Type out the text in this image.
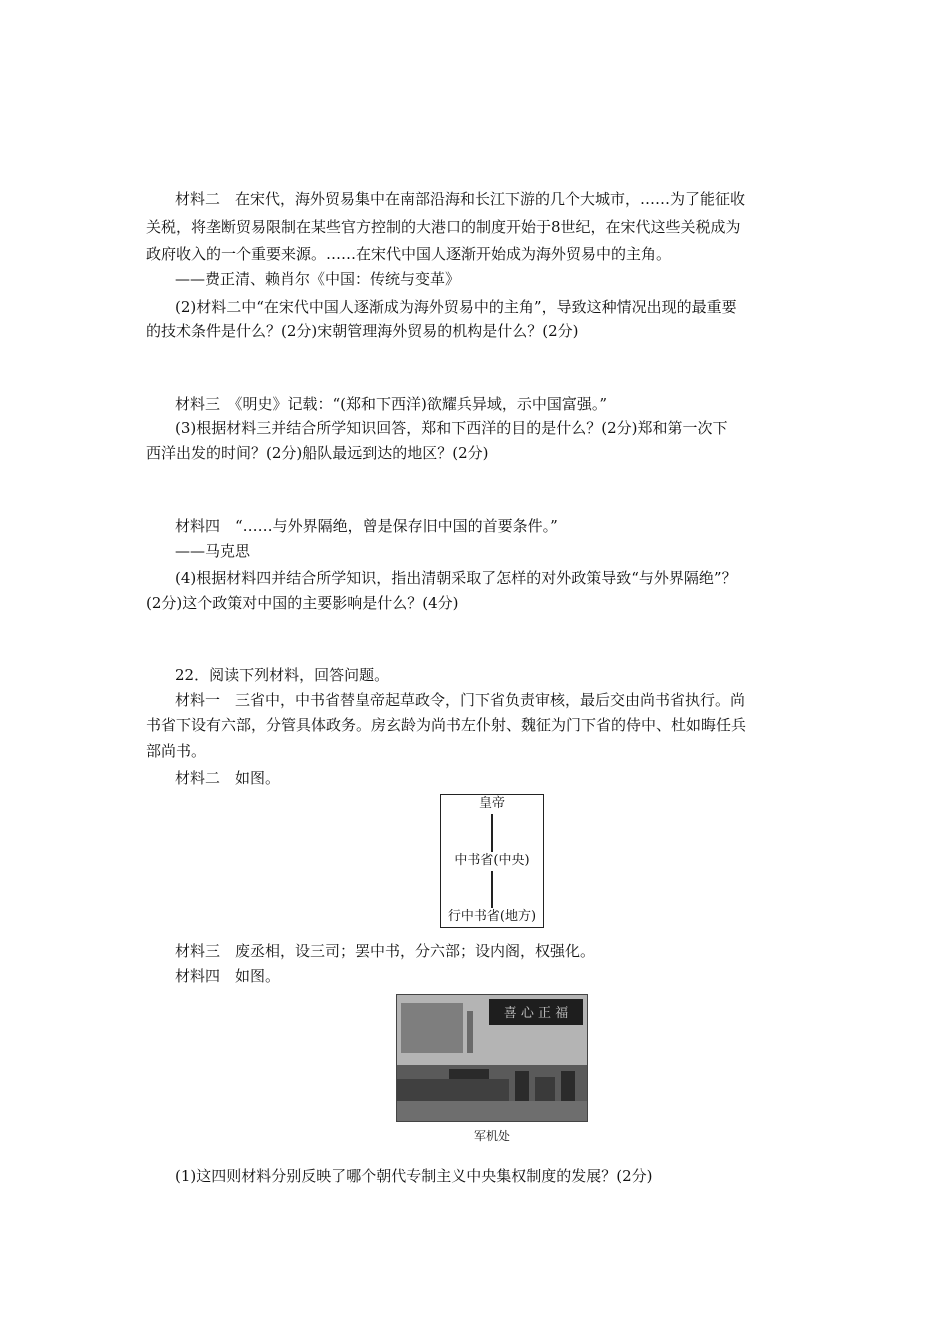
材料二　在宋代，海外贸易集中在南部沿海和长江下游的几个大城市，……为了能征收
关税，将垄断贸易限制在某些官方控制的大港口的制度开始于8世纪，在宋代这些关税成为
政府收入的一个重要来源。……在宋代中国人逐渐开始成为海外贸易中的主角。
——费正清、赖肖尔《中国：传统与变革》
(2)材料二中“在宋代中国人逐渐成为海外贸易中的主角”，导致这种情况出现的最重要
的技术条件是什么？(2分)宋朝管理海外贸易的机构是什么？(2分)
材料三　《明史》记载：“(郑和下西洋)欲耀兵异域，示中国富强。”
(3)根据材料三并结合所学知识回答，郑和下西洋的目的是什么？(2分)郑和第一次下
西洋出发的时间？(2分)船队最远到达的地区？(2分)
材料四　“……与外界隔绝，曾是保存旧中国的首要条件。”
——马克思
(4)根据材料四并结合所学知识，指出清朝采取了怎样的对外政策导致“与外界隔绝”？
(2分)这个政策对中国的主要影响是什么？(4分)
22．阅读下列材料，回答问题。
材料一　三省中，中书省替皇帝起草政令，门下省负责审核，最后交由尚书省执行。尚
书省下设有六部，分管具体政务。房玄龄为尚书左仆射、魏征为门下省的侍中、杜如晦任兵
部尚书。
材料二　如图。
皇帝
中书省(中央)
行中书省(地方)
材料三　废丞相，设三司；罢中书，分六部；设内阁，权强化。
材料四　如图。
喜 心 正 福
军机处
(1)这四则材料分别反映了哪个朝代专制主义中央集权制度的发展？(2分)
